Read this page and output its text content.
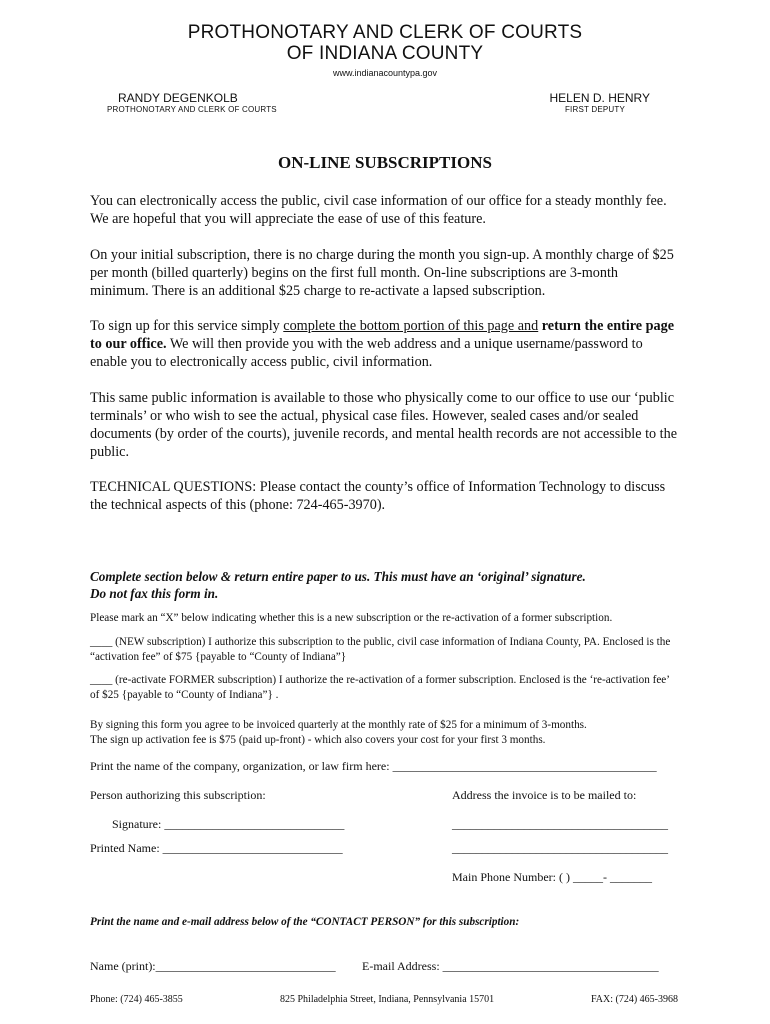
PROTHONOTARY AND CLERK OF COURTS
OF INDIANA COUNTY
www.indianacountypa.gov
RANDY DEGENKOLB
PROTHONOTARY AND CLERK OF COURTS
HELEN D. HENRY
FIRST DEPUTY
ON-LINE SUBSCRIPTIONS

You can electronically access the public, civil case information of our office for a steady monthly fee. We are hopeful that you will appreciate the ease of use of this feature.

On your initial subscription, there is no charge during the month you sign-up. A monthly charge of $25 per month (billed quarterly) begins on the first full month. On-line subscriptions are 3-month minimum. There is an additional $25 charge to re-activate a lapsed subscription.

To sign up for this service simply complete the bottom portion of this page and return the entire page to our office. We will then provide you with the web address and a unique username/password to enable you to electronically access public, civil information.

This same public information is available to those who physically come to our office to use our ‘public terminals’ or who wish to see the actual, physical case files. However, sealed cases and/or sealed documents (by order of the courts), juvenile records, and mental health records are not accessible to the public.

TECHNICAL QUESTIONS: Please contact the county’s office of Information Technology to discuss the technical aspects of this (phone: 724-465-3970).

Complete section below & return entire paper to us. This must have an ‘original’ signature.
Do not fax this form in.
Please mark an “X” below indicating whether this is a new subscription or the re-activation of a former subscription.
____ (NEW subscription) I authorize this subscription to the public, civil case information of Indiana County, PA. Enclosed is the “activation fee” of $75 {payable to “County of Indiana”}
____ (re-activate FORMER subscription) I authorize the re-activation of a former subscription. Enclosed is the ‘re-activation fee’ of $25 {payable to “County of Indiana”} .
By signing this form you agree to be invoiced quarterly at the monthly rate of $25 for a minimum of 3-months.
The sign up activation fee is $75 (paid up-front) - which also covers your cost for your first 3 months.
Print the name of the company, organization, or law firm here: ____________________________________________
Person authorizing this subscription:	Address the invoice is to be mailed to:
Signature: ______________________________	____________________________________
Printed Name: ______________________________	____________________________________
Main Phone Number: ( ) _____- _______
Print the name and e-mail address below of the “CONTACT PERSON” for this subscription:
Name (print):______________________________ E-mail Address: ____________________________________
Phone: (724) 465-3855	825 Philadelphia Street, Indiana, Pennsylvania 15701	FAX: (724) 465-3968
